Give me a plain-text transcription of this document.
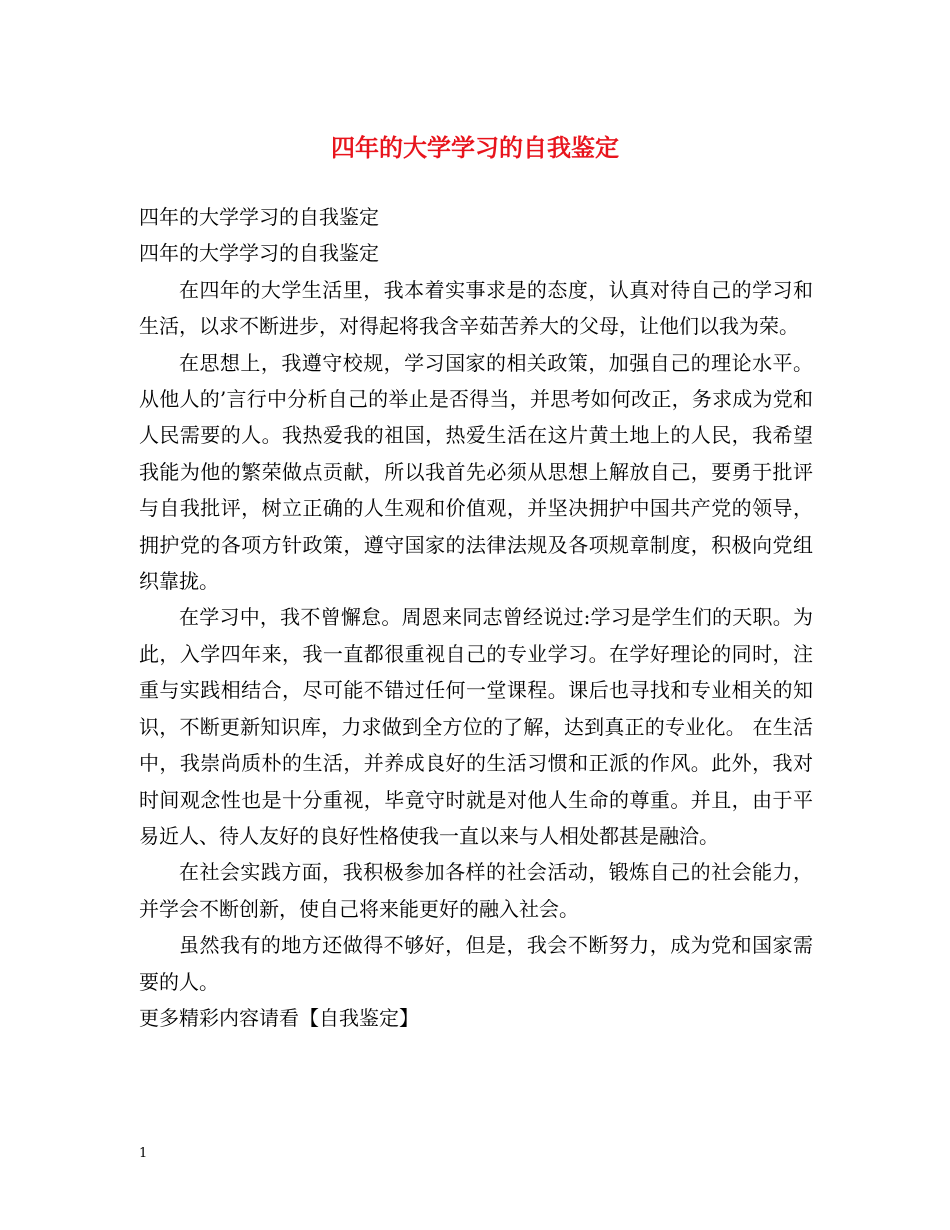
四年的大学学习的自我鉴定

四年的大学学习的自我鉴定

四年的大学学习的自我鉴定

在四年的大学生活里，我本着实事求是的态度，认真对待自己的学习和生活，以求不断进步，对得起将我含辛茹苦养大的父母，让他们以我为荣。

在思想上，我遵守校规，学习国家的相关政策，加强自己的理论水平。从他人的’言行中分析自己的举止是否得当，并思考如何改正，务求成为党和人民需要的人。我热爱我的祖国，热爱生活在这片黄土地上的人民，我希望我能为他的繁荣做点贡献，所以我首先必须从思想上解放自己，要勇于批评与自我批评，树立正确的人生观和价值观，并坚决拥护中国共产党的领导，拥护党的各项方针政策，遵守国家的法律法规及各项规章制度，积极向党组织靠拢。

在学习中，我不曾懈怠。周恩来同志曾经说过:学习是学生们的天职。为此，入学四年来，我一直都很重视自己的专业学习。在学好理论的同时，注重与实践相结合，尽可能不错过任何一堂课程。课后也寻找和专业相关的知识，不断更新知识库，力求做到全方位的了解，达到真正的专业化。 在生活中，我崇尚质朴的生活，并养成良好的生活习惯和正派的作风。此外，我对时间观念性也是十分重视，毕竟守时就是对他人生命的尊重。并且，由于平易近人、待人友好的良好性格使我一直以来与人相处都甚是融洽。

在社会实践方面，我积极参加各样的社会活动，锻炼自己的社会能力，并学会不断创新，使自己将来能更好的融入社会。

虽然我有的地方还做得不够好，但是，我会不断努力，成为党和国家需要的人。

更多精彩内容请看【自我鉴定】

1
